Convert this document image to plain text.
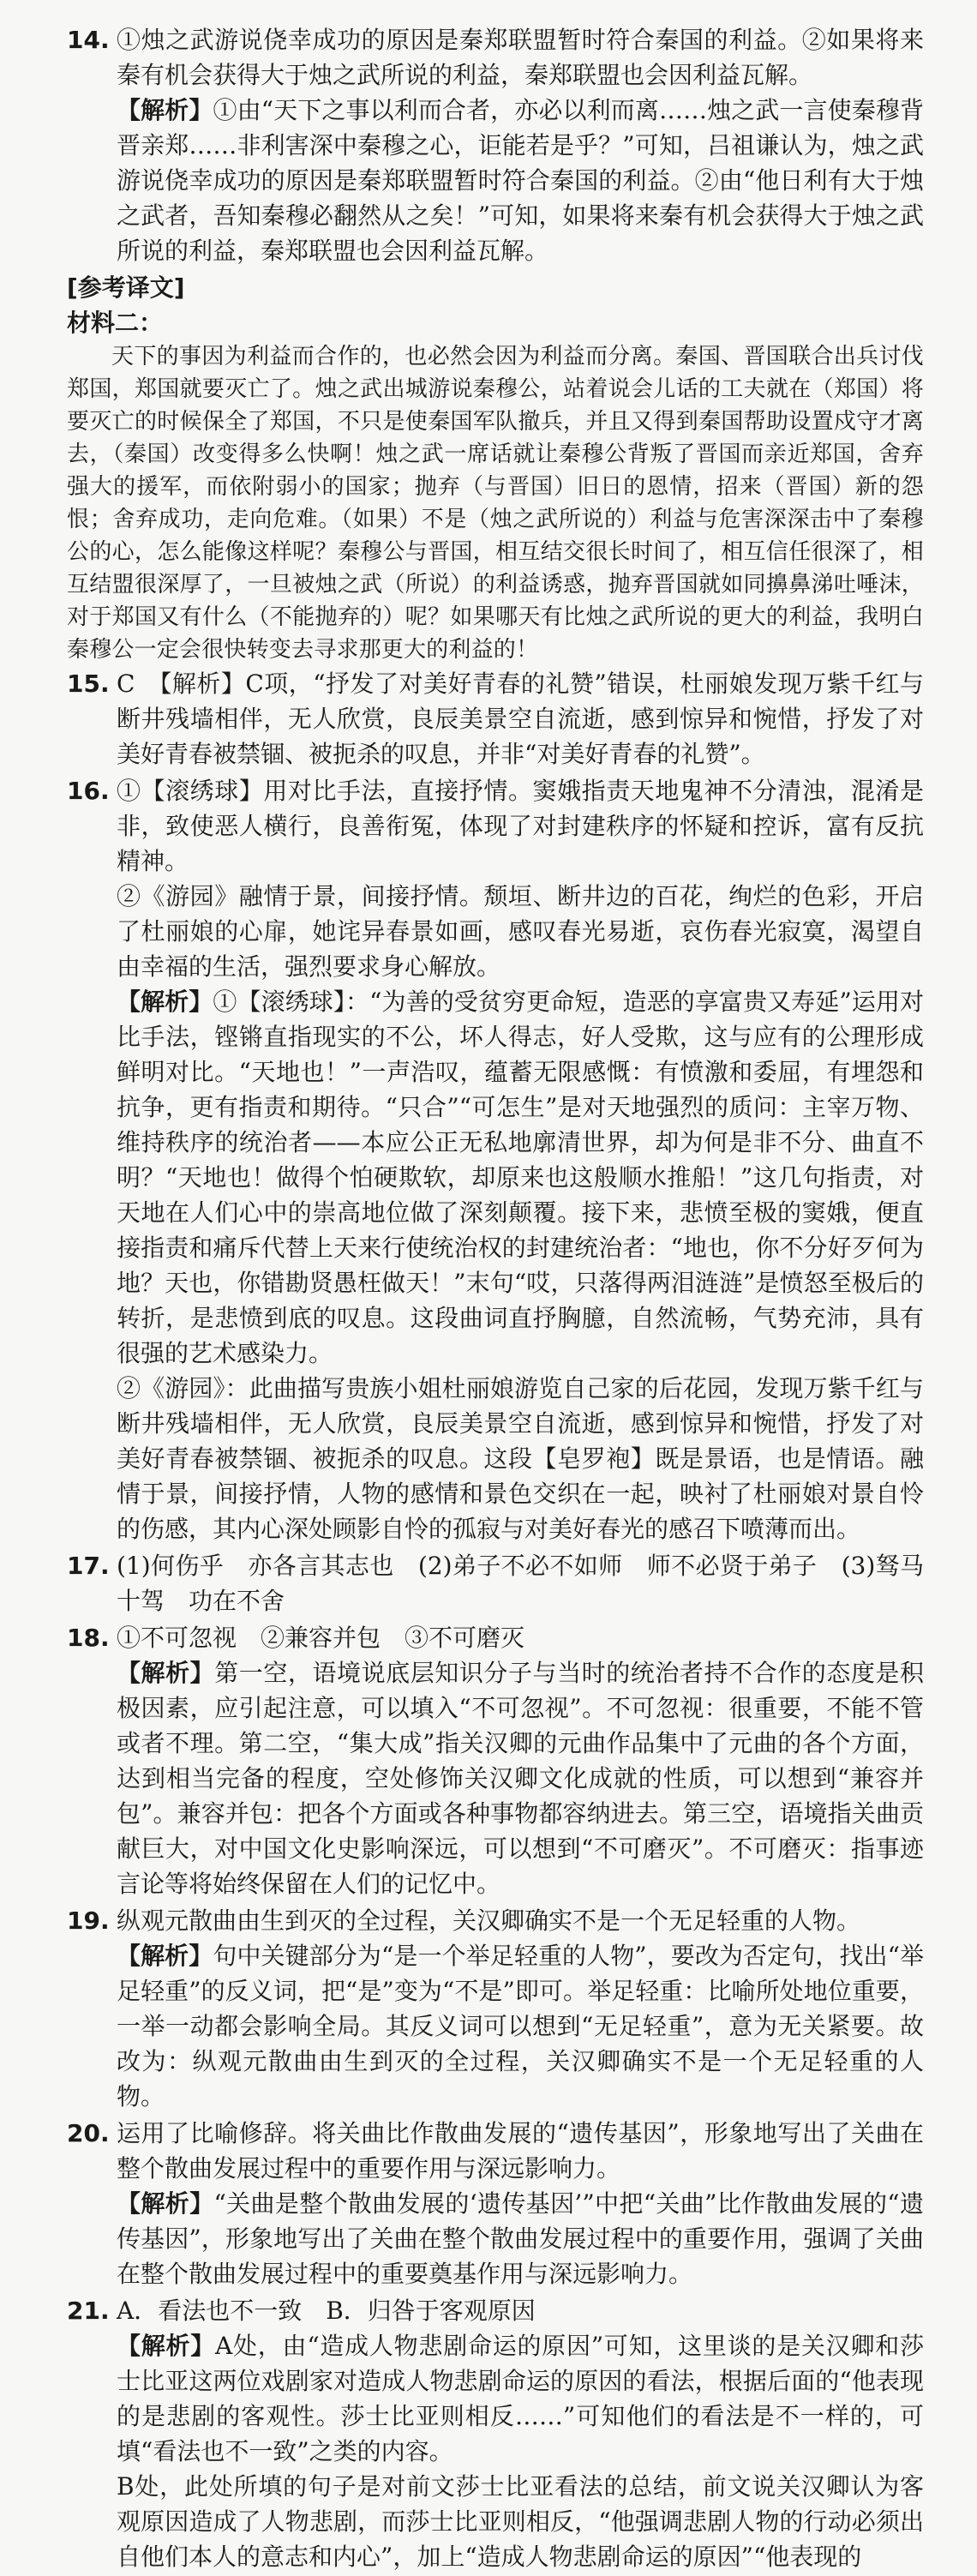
14. ①烛之武游说侥幸成功的原因是秦郑联盟暂时符合秦国的利益。②如果将来秦有机会获得大于烛之武所说的利益，秦郑联盟也会因利益瓦解。

【解析】①由“天下之事以利而合者，亦必以利而离……烛之武一言使秦穆背晋亲郑……非利害深中秦穆之心，讵能若是乎？”可知，吕祖谦认为，烛之武游说侥幸成功的原因是秦郑联盟暂时符合秦国的利益。②由“他日利有大于烛之武者，吾知秦穆必翻然从之矣！”可知，如果将来秦有机会获得大于烛之武所说的利益，秦郑联盟也会因利益瓦解。

[参考译文]

材料二：

天下的事因为利益而合作的，也必然会因为利益而分离。秦国、晋国联合出兵讨伐郑国，郑国就要灭亡了。烛之武出城游说秦穆公，站着说会儿话的工夫就在（郑国）将要灭亡的时候保全了郑国，不只是使秦国军队撤兵，并且又得到秦国帮助设置戍守才离去，（秦国）改变得多么快啊！烛之武一席话就让秦穆公背叛了晋国而亲近郑国，舍弃强大的援军，而依附弱小的国家；抛弃（与晋国）旧日的恩情，招来（晋国）新的怨恨；舍弃成功，走向危难。（如果）不是（烛之武所说的）利益与危害深深击中了秦穆公的心，怎么能像这样呢？秦穆公与晋国，相互结交很长时间了，相互信任很深了，相互结盟很深厚了，一旦被烛之武（所说）的利益诱惑，抛弃晋国就如同擤鼻涕吐唾沫，对于郑国又有什么（不能抛弃的）呢？如果哪天有比烛之武所说的更大的利益，我明白秦穆公一定会很快转变去寻求那更大的利益的！

15. C　【解析】C项，“抒发了对美好青春的礼赞”错误，杜丽娘发现万紫千红与断井残墙相伴，无人欣赏，良辰美景空自流逝，感到惊异和惋惜，抒发了对美好青春被禁锢、被扼杀的叹息，并非“对美好青春的礼赞”。

16. ①【滚绣球】用对比手法，直接抒情。窦娥指责天地鬼神不分清浊，混淆是非，致使恶人横行，良善衔冤，体现了对封建秩序的怀疑和控诉，富有反抗精神。

②《游园》融情于景，间接抒情。颓垣、断井边的百花，绚烂的色彩，开启了杜丽娘的心扉，她诧异春景如画，感叹春光易逝，哀伤春光寂寞，渴望自由幸福的生活，强烈要求身心解放。

【解析】①【滚绣球】：“为善的受贫穷更命短，造恶的享富贵又寿延”运用对比手法，铿锵直指现实的不公，坏人得志，好人受欺，这与应有的公理形成鲜明对比。“天地也！”一声浩叹，蕴蓄无限感慨：有愤激和委屈，有埋怨和抗争，更有指责和期待。“只合”“可怎生”是对天地强烈的质问：主宰万物、维持秩序的统治者——本应公正无私地廓清世界，却为何是非不分、曲直不明？“天地也！做得个怕硬欺软，却原来也这般顺水推船！”这几句指责，对天地在人们心中的崇高地位做了深刻颠覆。接下来，悲愤至极的窦娥，便直接指责和痛斥代替上天来行使统治权的封建统治者：“地也，你不分好歹何为地？天也，你错勘贤愚枉做天！”末句“哎，只落得两泪涟涟”是愤怒至极后的转折，是悲愤到底的叹息。这段曲词直抒胸臆，自然流畅，气势充沛，具有很强的艺术感染力。

②《游园》：此曲描写贵族小姐杜丽娘游览自己家的后花园，发现万紫千红与断井残墙相伴，无人欣赏，良辰美景空自流逝，感到惊异和惋惜，抒发了对美好青春被禁锢、被扼杀的叹息。这段【皂罗袍】既是景语，也是情语。融情于景，间接抒情，人物的感情和景色交织在一起，映衬了杜丽娘对景自怜的伤感，其内心深处顾影自怜的孤寂与对美好春光的感召下喷薄而出。

17. (1)何伤乎　亦各言其志也　(2)弟子不必不如师　师不必贤于弟子　(3)驽马十驾　功在不舍

18. ①不可忽视　②兼容并包　③不可磨灭

【解析】第一空，语境说底层知识分子与当时的统治者持不合作的态度是积极因素，应引起注意，可以填入“不可忽视”。不可忽视：很重要，不能不管或者不理。第二空，“集大成”指关汉卿的元曲作品集中了元曲的各个方面，达到相当完备的程度，空处修饰关汉卿文化成就的性质，可以想到“兼容并包”。兼容并包：把各个方面或各种事物都容纳进去。第三空，语境指关曲贡献巨大，对中国文化史影响深远，可以想到“不可磨灭”。不可磨灭：指事迹言论等将始终保留在人们的记忆中。

19. 纵观元散曲由生到灭的全过程，关汉卿确实不是一个无足轻重的人物。

【解析】句中关键部分为“是一个举足轻重的人物”，要改为否定句，找出“举足轻重”的反义词，把“是”变为“不是”即可。举足轻重：比喻所处地位重要，一举一动都会影响全局。其反义词可以想到“无足轻重”，意为无关紧要。故改为：纵观元散曲由生到灭的全过程，关汉卿确实不是一个无足轻重的人物。

20. 运用了比喻修辞。将关曲比作散曲发展的“遗传基因”，形象地写出了关曲在整个散曲发展过程中的重要作用与深远影响力。

【解析】“关曲是整个散曲发展的‘遗传基因’”中把“关曲”比作散曲发展的“遗传基因”，形象地写出了关曲在整个散曲发展过程中的重要作用，强调了关曲在整个散曲发展过程中的重要奠基作用与深远影响力。

21. A．看法也不一致　B．归咎于客观原因

【解析】A处，由“造成人物悲剧命运的原因”可知，这里谈的是关汉卿和莎士比亚这两位戏剧家对造成人物悲剧命运的原因的看法，根据后面的“他表现的是悲剧的客观性。莎士比亚则相反……”可知他们的看法是不一样的，可填“看法也不一致”之类的内容。

B处，此处所填的句子是对前文莎士比亚看法的总结，前文说关汉卿认为客观原因造成了人物悲剧，而莎士比亚则相反，“他强调悲剧人物的行动必须出自他们本人的意志和内心”，加上“造成人物悲剧命运的原因”“他表现的
